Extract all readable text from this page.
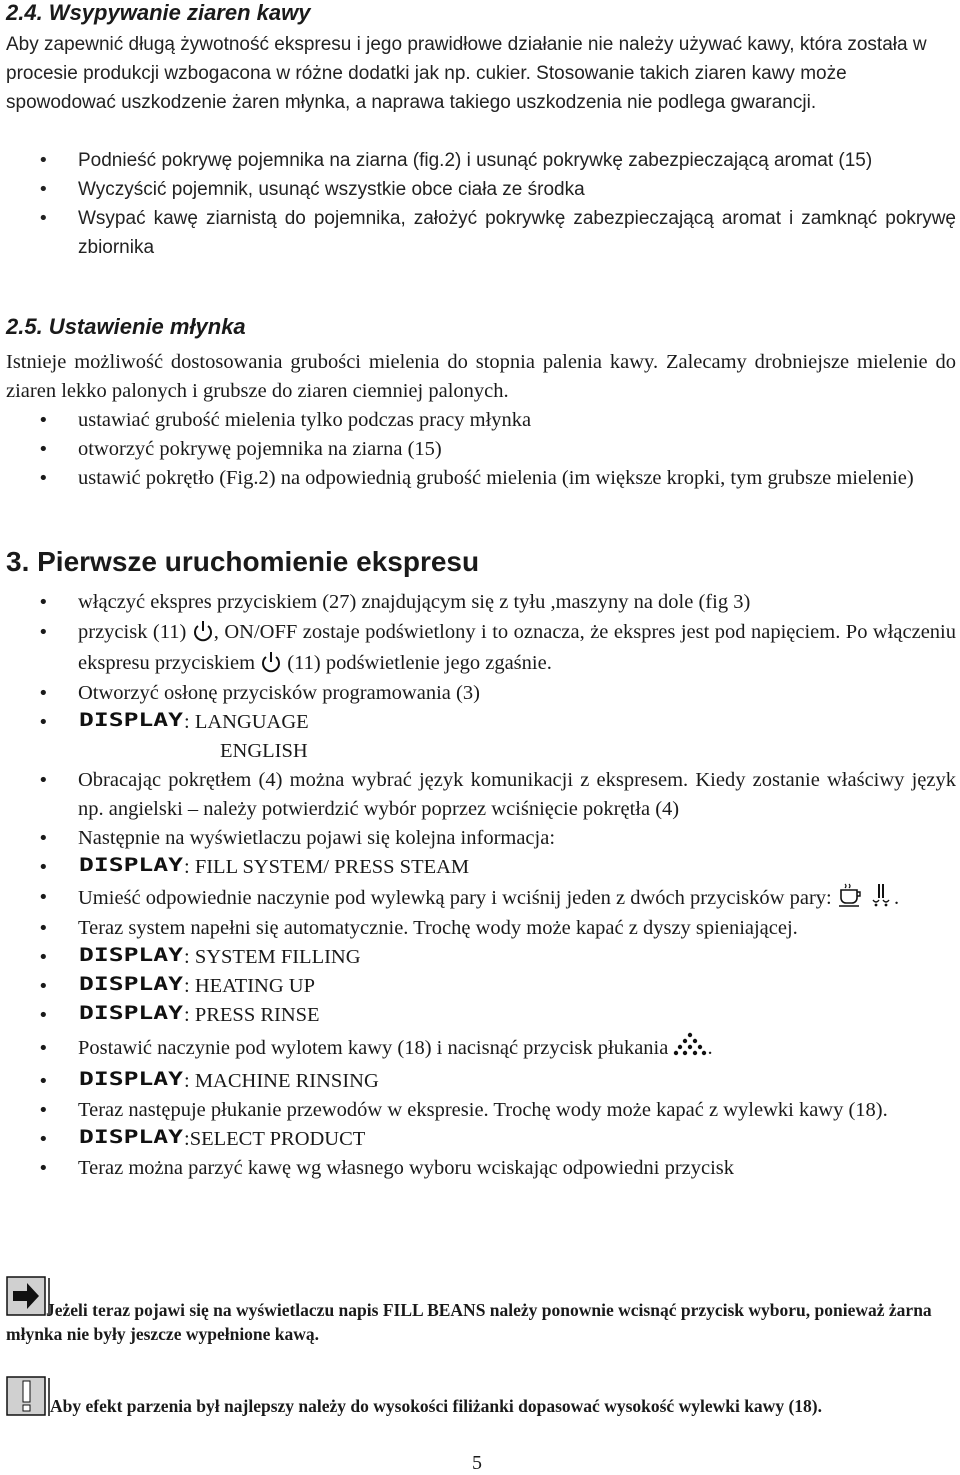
2.4. Wsypywanie ziaren kawy

Aby zapewnić długą żywotność ekspresu i jego prawidłowe działanie nie należy używać kawy, która została w procesie produkcji wzbogacona w różne dodatki jak np. cukier. Stosowanie takich ziaren kawy może spowodować uszkodzenie żaren młynka, a naprawa takiego uszkodzenia nie podlega gwarancji.

• Podnieść pokrywę pojemnika na ziarna (fig.2) i usunąć pokrywkę zabezpieczającą aromat (15)
• Wyczyścić pojemnik, usunąć wszystkie obce ciała ze środka
• Wsypać kawę ziarnistą do pojemnika, założyć pokrywkę zabezpieczającą aromat i zamknąć pokrywę zbiornika
2.5. Ustawienie młynka

Istnieje możliwość dostosowania grubości mielenia do stopnia palenia kawy. Zalecamy drobniejsze mielenie do ziaren lekko palonych i grubsze do ziaren ciemniej palonych.

• ustawiać grubość mielenia tylko podczas pracy młynka
• otworzyć pokrywę pojemnika na ziarna (15)
• ustawić pokrętło (Fig.2) na odpowiednią grubość mielenia (im większe kropki, tym grubsze mielenie)
3. Pierwsze uruchomienie ekspresu
• włączyć ekspres przyciskiem (27) znajdującym się z tyłu ,maszyny na dole (fig 3)
• przycisk (11) , ON/OFF zostaje podświetlony i to oznacza, że ekspres jest pod napięciem. Po włączeniu ekspresu przyciskiem (11) podświetlenie jego zgaśnie.
• Otworzyć osłonę przycisków programowania (3)
• : LANGUAGE
ENGLISH
• Obracając pokrętłem (4) można wybrać język komunikacji z ekspresem. Kiedy zostanie właściwy język np. angielski – należy potwierdzić wybór poprzez wciśnięcie pokrętła (4)
• Następnie na wyświetlaczu pojawi się kolejna informacja:
• : FILL SYSTEM/ PRESS STEAM
• Umieść odpowiednie naczynie pod wylewką pary i wciśnij jeden z dwóch przycisków pary:	.
• Teraz system napełni się automatycznie. Trochę wody może kapać z dyszy spieniającej.
• : SYSTEM FILLING
• : HEATING UP
• : PRESS RINSE
• Postawić naczynie pod wylotem kawy (18) i nacisnąć przycisk płukania .
• : MACHINE RINSING
• Teraz następuje płukanie przewodów w ekspresie. Trochę wody może kapać z wylewki kawy (18).
• :SELECT PRODUCT
• Teraz można parzyć kawę wg własnego wyboru wciskając odpowiedni przycisk

Jeżeli teraz pojawi się na wyświetlaczu napis FILL BEANS należy ponownie wcisnąć przycisk wyboru, ponieważ żarna młynka nie były jeszcze wypełnione kawą.

Aby efekt parzenia był najlepszy należy do wysokości filiżanki dopasować wysokość wylewki kawy (18).

5
